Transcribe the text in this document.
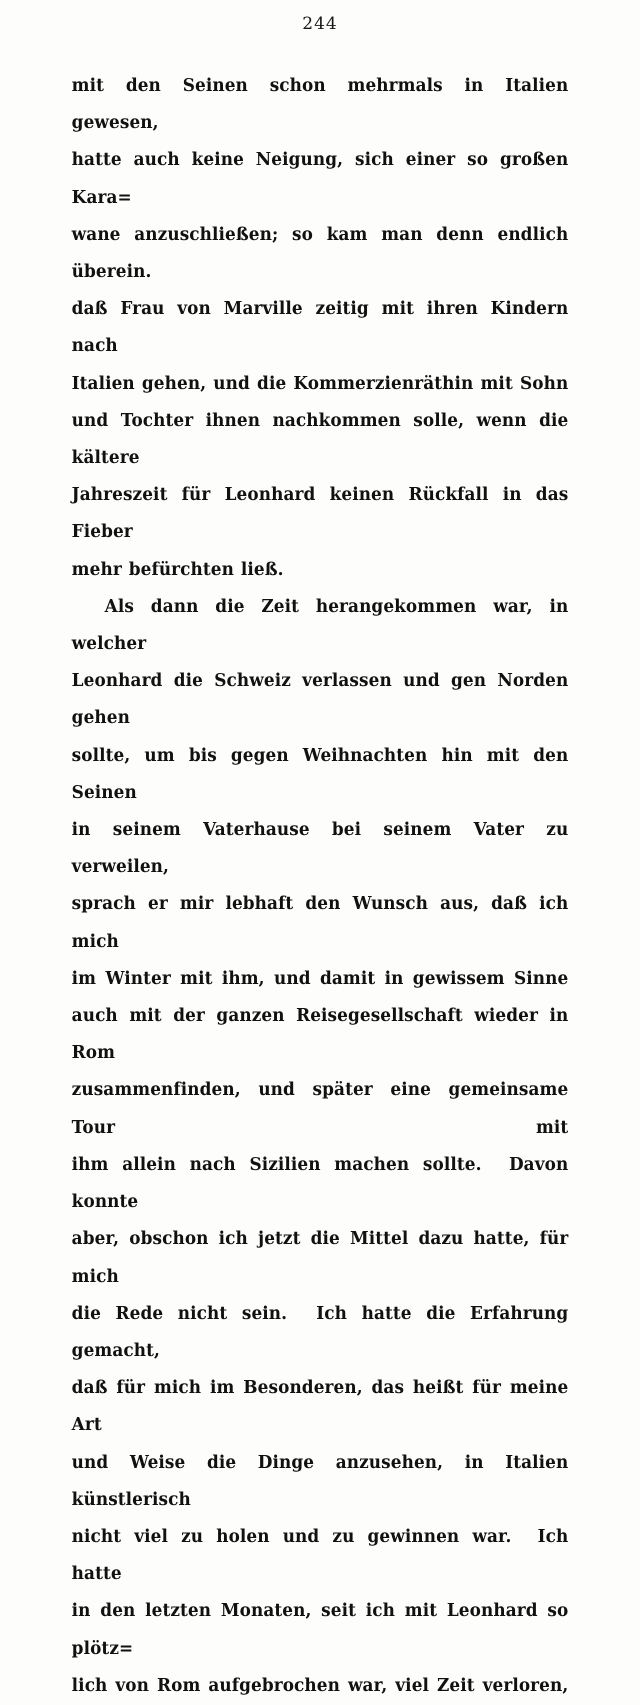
244

mit den Seinen schon mehrmals in Italien gewesen,
hatte auch keine Neigung, sich einer so großen Kara=
wane anzuschließen; so kam man denn endlich überein.
daß Frau von Marville zeitig mit ihren Kindern nach
Italien gehen, und die Kommerzienräthin mit Sohn
und Tochter ihnen nachkommen solle, wenn die kältere
Jahreszeit für Leonhard keinen Rückfall in das Fieber
mehr befürchten ließ.

Als dann die Zeit herangekommen war, in welcher
Leonhard die Schweiz verlassen und gen Norden gehen
sollte, um bis gegen Weihnachten hin mit den Seinen
in seinem Vaterhause bei seinem Vater zu verweilen,
sprach er mir lebhaft den Wunsch aus, daß ich mich
im Winter mit ihm, und damit in gewissem Sinne
auch mit der ganzen Reisegesellschaft wieder in Rom
zusammenfinden, und später eine gemeinsame Tour mit
ihm allein nach Sizilien machen sollte.  Davon konnte
aber, obschon ich jetzt die Mittel dazu hatte, für mich
die Rede nicht sein.  Ich hatte die Erfahrung gemacht,
daß für mich im Besonderen, das heißt für meine Art
und Weise die Dinge anzusehen, in Italien künstlerisch
nicht viel zu holen und zu gewinnen war.  Ich hatte
in den letzten Monaten, seit ich mit Leonhard so plötz=
lich von Rom aufgebrochen war, viel Zeit verloren,
